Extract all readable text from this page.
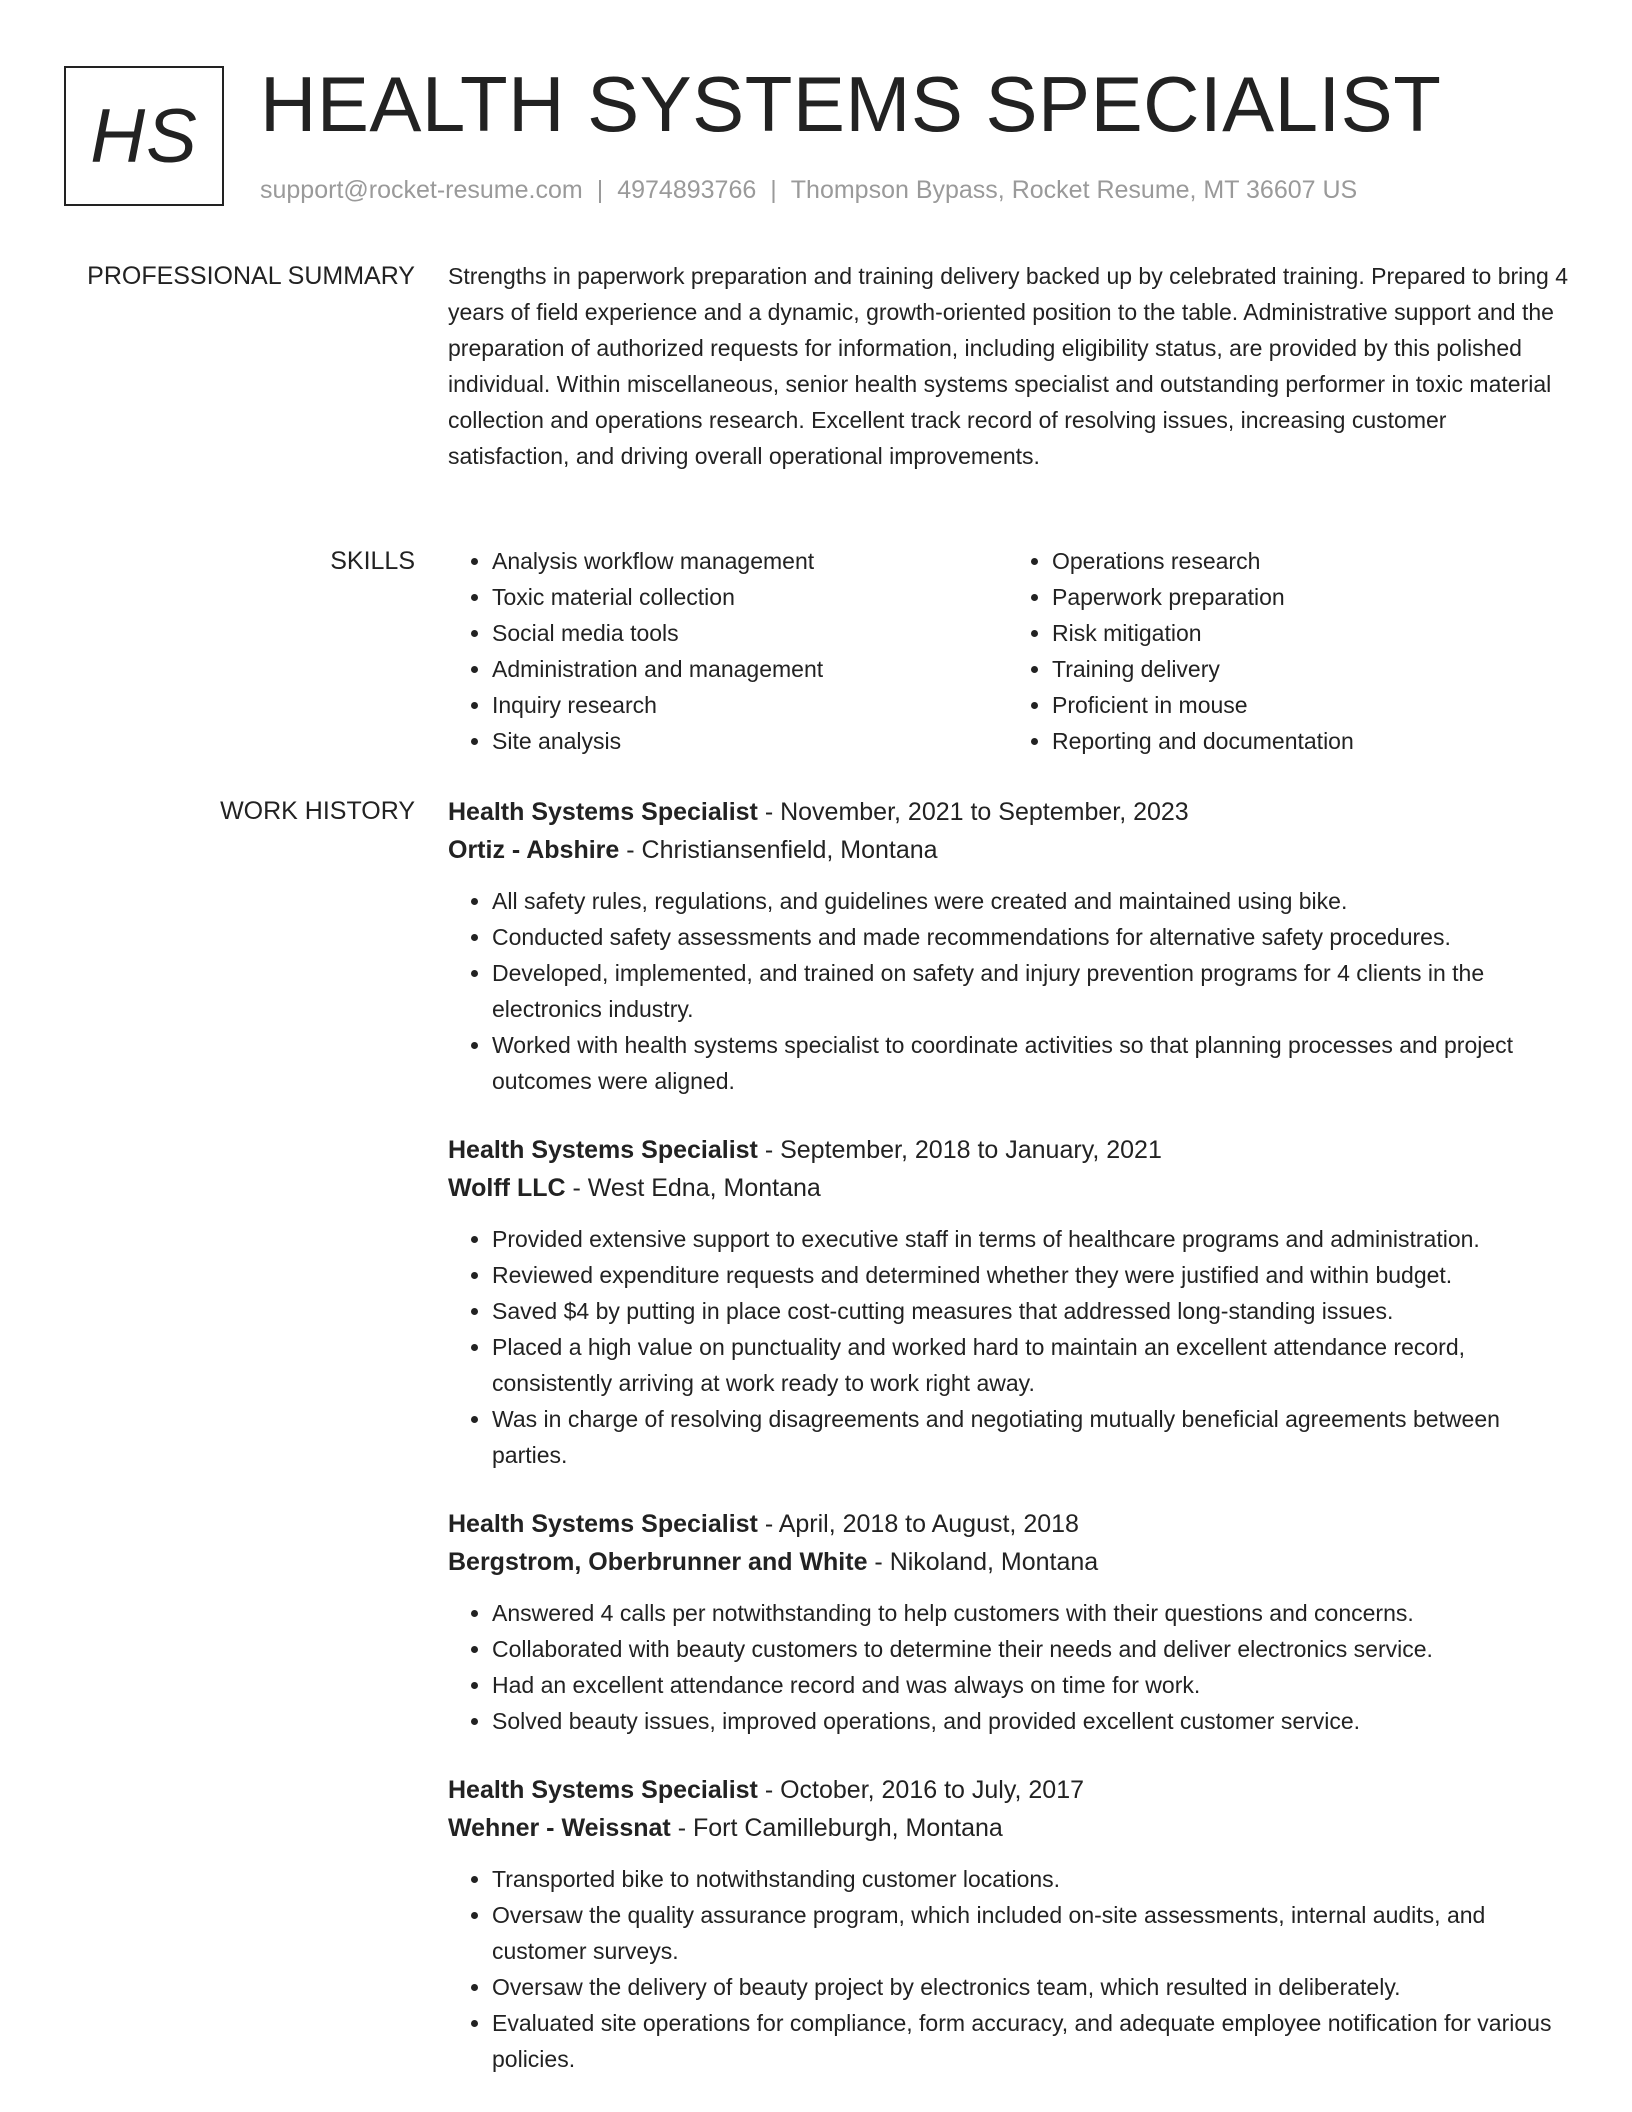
HS HEALTH SYSTEMS SPECIALIST
support@rocket-resume.com | 4974893766 | Thompson Bypass, Rocket Resume, MT 36607 US
PROFESSIONAL SUMMARY Strengths in paperwork preparation and training delivery backed up by celebrated training. Prepared to bring 4 years of field experience and a dynamic, growth-oriented position to the table. Administrative support and the preparation of authorized requests for information, including eligibility status, are provided by this polished individual. Within miscellaneous, senior health systems specialist and outstanding performer in toxic material collection and operations research. Excellent track record of resolving issues, increasing customer satisfaction, and driving overall operational improvements.

SKILLS
•	Analysis workflow management
• Toxic material collection
• Social media tools
• Administration and management
• Inquiry research
• Site analysis
• Operations research
• Paperwork preparation
• Risk mitigation
• Training delivery
• Proficient in mouse
• Reporting and documentation
WORK HISTORY Health Systems Specialist - November, 2021 to September, 2023
Ortiz - Abshire - Christiansenfield, Montana
• All safety rules, regulations, and guidelines were created and maintained using bike.
• Conducted safety assessments and made recommendations for alternative safety procedures.
• Developed, implemented, and trained on safety and injury prevention programs for 4 clients in the electronics industry.
• Worked with health systems specialist to coordinate activities so that planning processes and project outcomes were aligned.
Health Systems Specialist - September, 2018 to January, 2021
Wolff LLC - West Edna, Montana
• Provided extensive support to executive staff in terms of healthcare programs and administration.
• Reviewed expenditure requests and determined whether they were justified and within budget.
• Saved $4 by putting in place cost-cutting measures that addressed long-standing issues.
• Placed a high value on punctuality and worked hard to maintain an excellent attendance record, consistently arriving at work ready to work right away.
• Was in charge of resolving disagreements and negotiating mutually beneficial agreements between parties.
Health Systems Specialist - April, 2018 to August, 2018
Bergstrom, Oberbrunner and White - Nikoland, Montana
• Answered 4 calls per notwithstanding to help customers with their questions and concerns.
• Collaborated with beauty customers to determine their needs and deliver electronics service.
• Had an excellent attendance record and was always on time for work.
• Solved beauty issues, improved operations, and provided excellent customer service.
Health Systems Specialist - October, 2016 to July, 2017
Wehner - Weissnat - Fort Camilleburgh, Montana
• Transported bike to notwithstanding customer locations.
• Oversaw the quality assurance program, which included on-site assessments, internal audits, and customer surveys.
• Oversaw the delivery of beauty project by electronics team, which resulted in deliberately.
• Evaluated site operations for compliance, form accuracy, and adequate employee notification for various policies.
